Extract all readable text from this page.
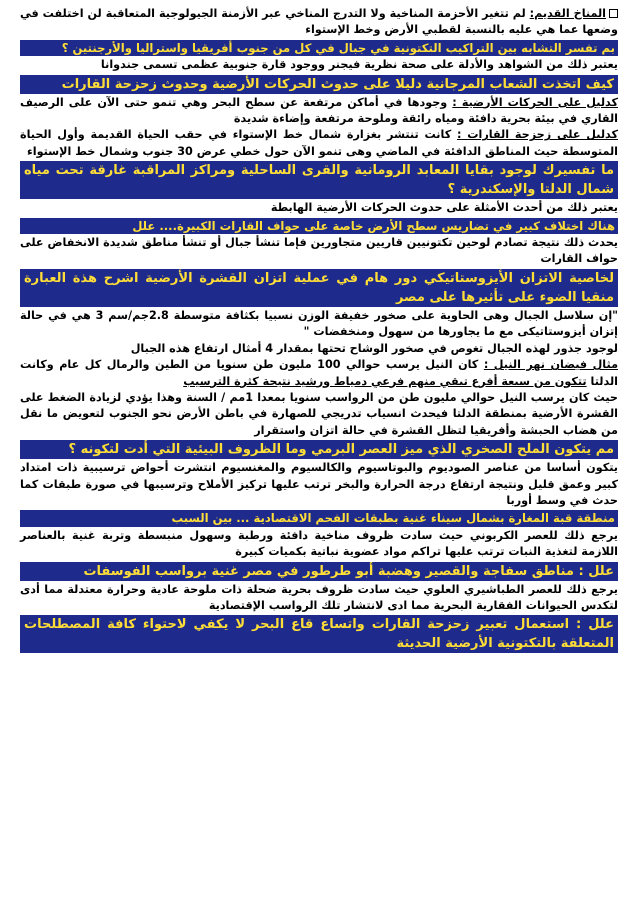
المناخ القديم: لم تتغير الأحزمة المناخية ولا التدرج المناخي عبر الأزمنة الجيولوجية المتعاقبة لن اختلفت في وضعها عما هي عليه بالنسبة لقطبي الأرض وخط الإستواء

بم تفسر التشابه بين التراكيب التكتونية في جبال في كل من جنوب أفريقيا واستراليا والأرجنتين ؟

يعتبر ذلك من الشواهد والأدلة على صحة نظرية فيجنر ووجود قارة جنوبية عظمى تسمى جندوانا

كيف اتخذت الشعاب المرجانية دليلا على حدوث الحركات الأرضية وحدوث زحزحة القارات

كدليل على الحركات الأرضية : وجودها في أماكن مرتفعة عن سطح البحر وهي تنمو حتى الآن على الرصيف القاري في بيئة بحرية دافئة ومياه رائقة وملوحة مرتفعة وإضاءة شديدة

كدليل على زحزحة القارات : كانت تنتشر بغزارة شمال خط الإستواء في حقب الحياة القديمة وأول الحياة المتوسطة حيث المناطق الدافئة في الماضي وهى تنمو الآن حول خطي عرض 30 جنوب وشمال خط الإستواء

ما تفسيرك لوجود بقايا المعابد الرومانية والقرى الساحلية ومراكز المراقبة غارقة تحت مياه شمال الدلتا والإسكندرية ؟

يعتبر ذلك من أحدث الأمثلة على حدوث الحركات الأرضية الهابطة

هناك اختلاف كبير في تضاريس سطح الأرض خاصة على حواف القارات الكبيرة.... علل

يحدث ذلك نتيجة تصادم لوحين تكتونيين قاريين متجاورين فإما تنشأ جبال أو تنشأ مناطق شديدة الانخفاض على حواف القارات

لخاصية الاتزان الأيزوستاتيكي دور هام في عملية اتزان القشرة الأرضية اشرح هذة العبارة منقيا الضوء على تأثيرها على مصر

"إن سلاسل الجبال وهى الحاوية على صخور خفيفة الوزن نسبيا بكثافة متوسطة 2.8جم/سم 3 هي في حالة إتزان أيزوستاتيكى مع ما يجاورها من سهول ومنخفضات "

لوجود جذور لهذه الجبال تغوص في صخور الوشاح تحتها بمقدار 4 أمثال ارتفاع هذه الجبال

مثال فيضان نهر النيل : كان النيل يرسب حوالي 100 مليون طن سنويا من الطين والرمال كل عام وكانت الدلتا تتكون من سبعة أفرع تبقي منهم فرعي دمياط ورشيد نتيجة كثرة الترسيب

حيث كان يرسب النيل حوالي مليون طن من الرواسب سنويا بمعدا 1مم / السنة وهذا يؤدي لزيادة الضغط على القشرة الأرضية بمنطقة الدلتا فيحدث انسياب تدريجي للصهارة في باطن الأرض نحو الجنوب لتعويض ما نقل من هضاب الحبشة وأفريقيا لتظل القشرة في حالة اتزان واستقرار

مم يتكون الملح الصخري الذي ميز العصر البرمي وما الظروف البيئية التي أدت لتكونه ؟

يتكون أساسا من عناصر الصوديوم والبوتاسيوم والكالسيوم والمغنسيوم انتشرت أحواض ترسيبية ذات امتداد كبير وعمق قليل ونتيجة ارتفاع درجة الحرارة والبخر ترتب عليها تركيز الأملاح وترسيبها في صورة طبقات كما حدث في وسط أوربا

منطقة قبة المغارة بشمال سيناء غنية بطبقات الفحم الاقتصادية ... بين السبب

يرجع ذلك للعصر الكربوني حيث سادت ظروف مناخية دافئة ورطبة وسهول منبسطة وتربة غنية بالعناصر اللازمة لتغذية النبات ترتب عليها تراكم مواد عضوية نباتية بكميات كبيرة

علل : مناطق سفاجة والقصير وهضبة أبو طرطور في مصر غنية برواسب الفوسفات

يرجع ذلك للعصر الطباشيري العلوي حيث سادت ظروف بحرية ضحلة ذات ملوحة عادية وحرارة معتدلة مما أدى لتكدس الحيوانات الفقارية البحرية مما ادى لانتشار تلك الرواسب الإقتصادية

علل : استعمال تعبير زحزحة القارات واتساع قاع البحر لا يكفي لاحتواء كافة المصطلحات المتعلقة بالتكتونية الأرضية الحديثة
